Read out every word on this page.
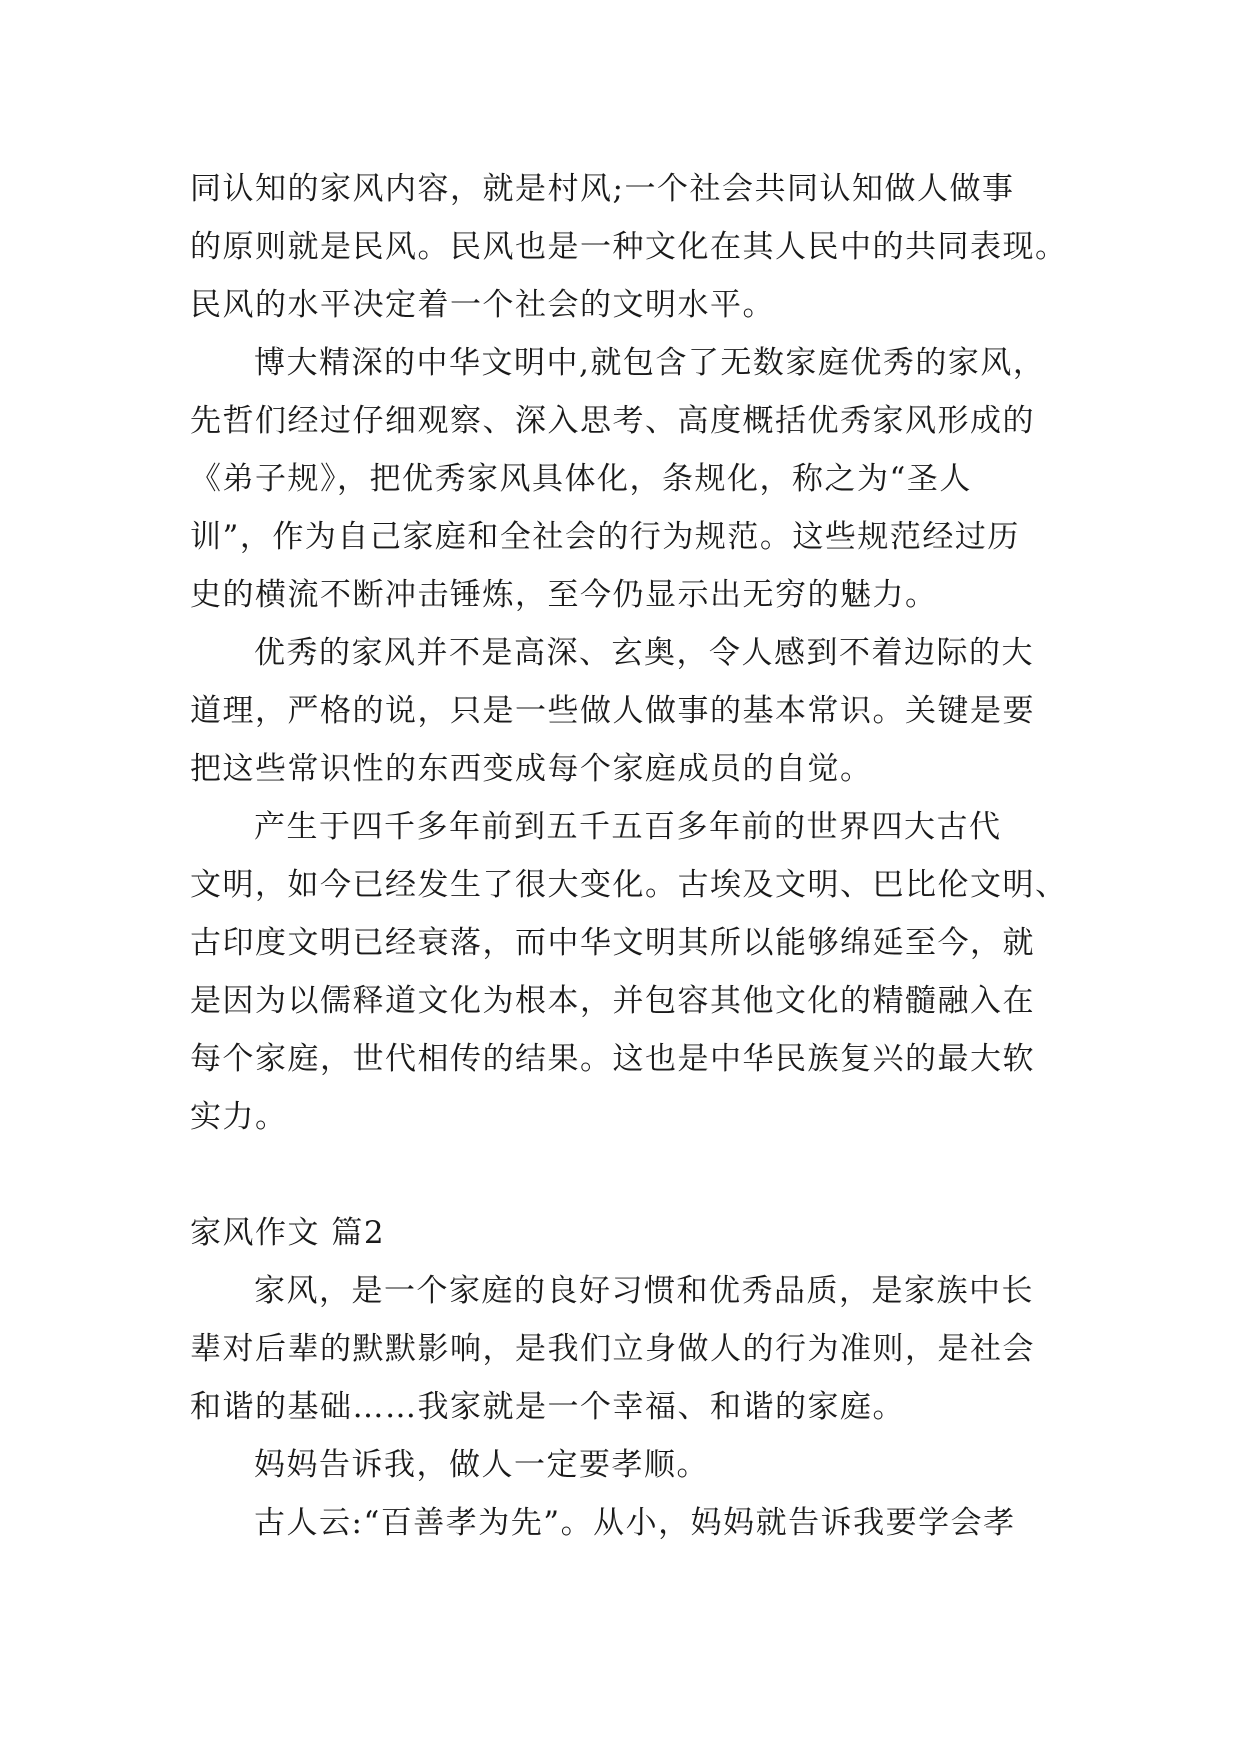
同认知的家风内容，就是村风;一个社会共同认知做人做事
的原则就是民风。民风也是一种文化在其人民中的共同表现。
民风的水平决定着一个社会的文明水平。
博大精深的中华文明中,就包含了无数家庭优秀的家风，
先哲们经过仔细观察、深入思考、高度概括优秀家风形成的
《弟子规》，把优秀家风具体化，条规化，称之为“圣人
训”，作为自己家庭和全社会的行为规范。这些规范经过历
史的横流不断冲击锤炼，至今仍显示出无穷的魅力。
优秀的家风并不是高深、玄奥，令人感到不着边际的大
道理，严格的说，只是一些做人做事的基本常识。关键是要
把这些常识性的东西变成每个家庭成员的自觉。
产生于四千多年前到五千五百多年前的世界四大古代
文明，如今已经发生了很大变化。古埃及文明、巴比伦文明、
古印度文明已经衰落，而中华文明其所以能够绵延至今，就
是因为以儒释道文化为根本，并包容其他文化的精髓融入在
每个家庭，世代相传的结果。这也是中华民族复兴的最大软
实力。
家风作文 篇2
家风，是一个家庭的良好习惯和优秀品质，是家族中长
辈对后辈的默默影响，是我们立身做人的行为准则，是社会
和谐的基础……我家就是一个幸福、和谐的家庭。
妈妈告诉我，做人一定要孝顺。
古人云:“百善孝为先”。从小，妈妈就告诉我要学会孝
